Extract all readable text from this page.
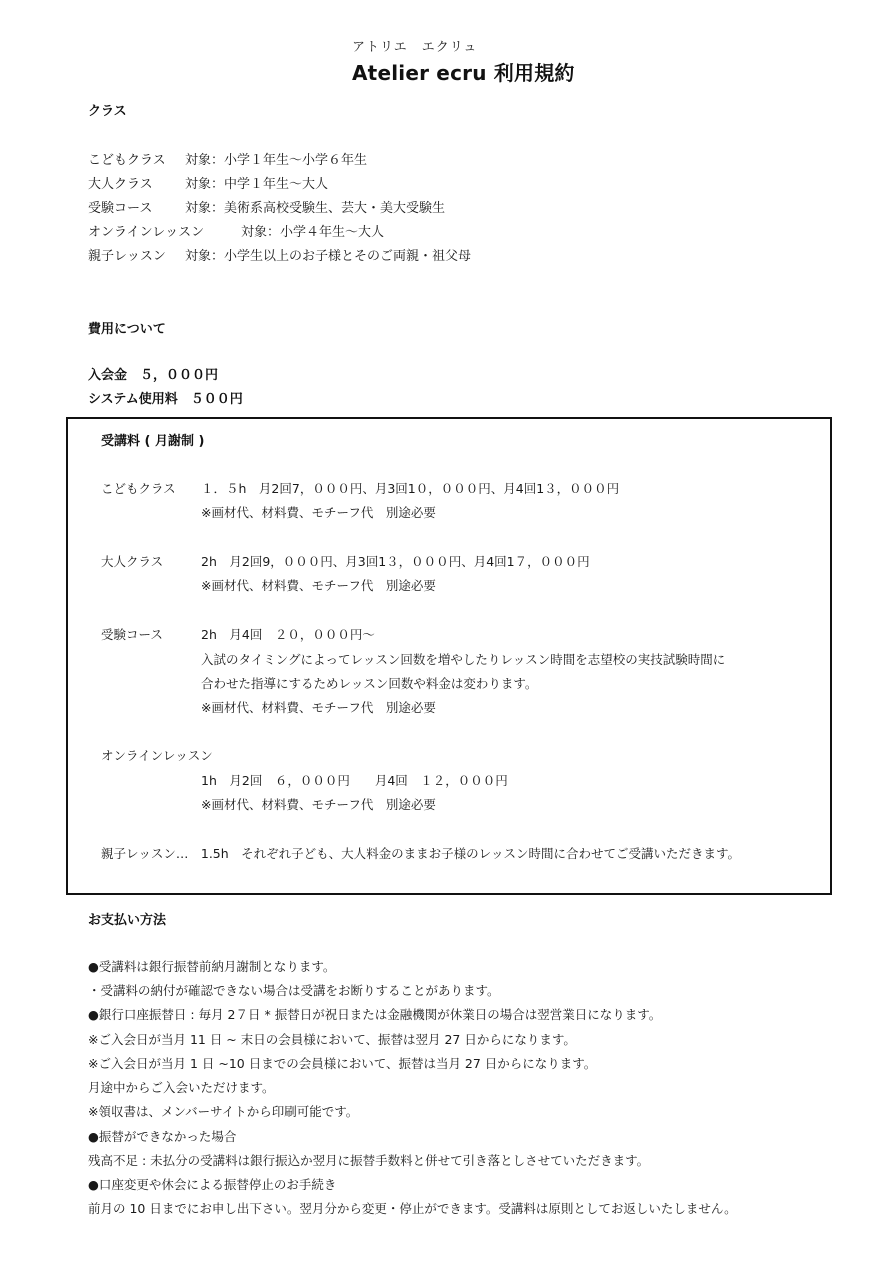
アトリエ　エクリュ
Atelier ecru 利用規約
クラス
こどもクラス 対象：小学１年生～小学６年生
大人クラス 対象：中学１年生～大人
受験コース	対象：美術系高校受験生、芸大・美大受験生
オンラインレッスン	対象：小学４年生～大人
親子レッスン 対象：小学生以上のお子様とそのご両親・祖父母
費用について
入会金　５，０００円
システム使用料　５００円
受講料 ( 月謝制 )
こどもクラス １．５h　月2回7，０００円、月3回1０，０００円、月4回1３，０００円
※画材代、材料費、モチーフ代　別途必要
大人クラス	2h　月2回9，０００円、月3回1３，０００円、月4回1７，０００円
※画材代、材料費、モチーフ代　別途必要
受験コース	2h　月4回　２０，０００円～
入試のタイミングによってレッスン回数を増やしたりレッスン時間を志望校の実技試験時間に
合わせた指導にするためレッスン回数や料金は変わります。
※画材代、材料費、モチーフ代　別途必要
オンラインレッスン
1h　月2回　６，０００円　　月4回　１２，０００円
※画材代、材料費、モチーフ代　別途必要
親子レッスン…　1.5h　それぞれ子ども、大人料金のままお子様のレッスン時間に合わせてご受講いただきます。
お支払い方法
●受講料は銀行振替前納月謝制となります。
・受講料の納付が確認できない場合は受講をお断りすることがあります。
●銀行口座振替日 : 毎月 2７日 * 振替日が祝日または金融機関が休業日の場合は翌営業日になります。
※ご入会日が当月 11 日 ~ 末日の会員様において、振替は翌月 27 日からになります。
※ご入会日が当月 1 日 ~10 日までの会員様において、振替は当月 27 日からになります。
月途中からご入会いただけます。
※領収書は、メンバーサイトから印刷可能です。
●振替ができなかった場合
残高不足 : 未払分の受講料は銀行振込か翌月に振替手数料と併せて引き落としさせていただきます。
●口座変更や休会による振替停止のお手続き
前月の 10 日までにお申し出下さい。翌月分から変更・停止ができます。受講料は原則としてお返しいたしません。
